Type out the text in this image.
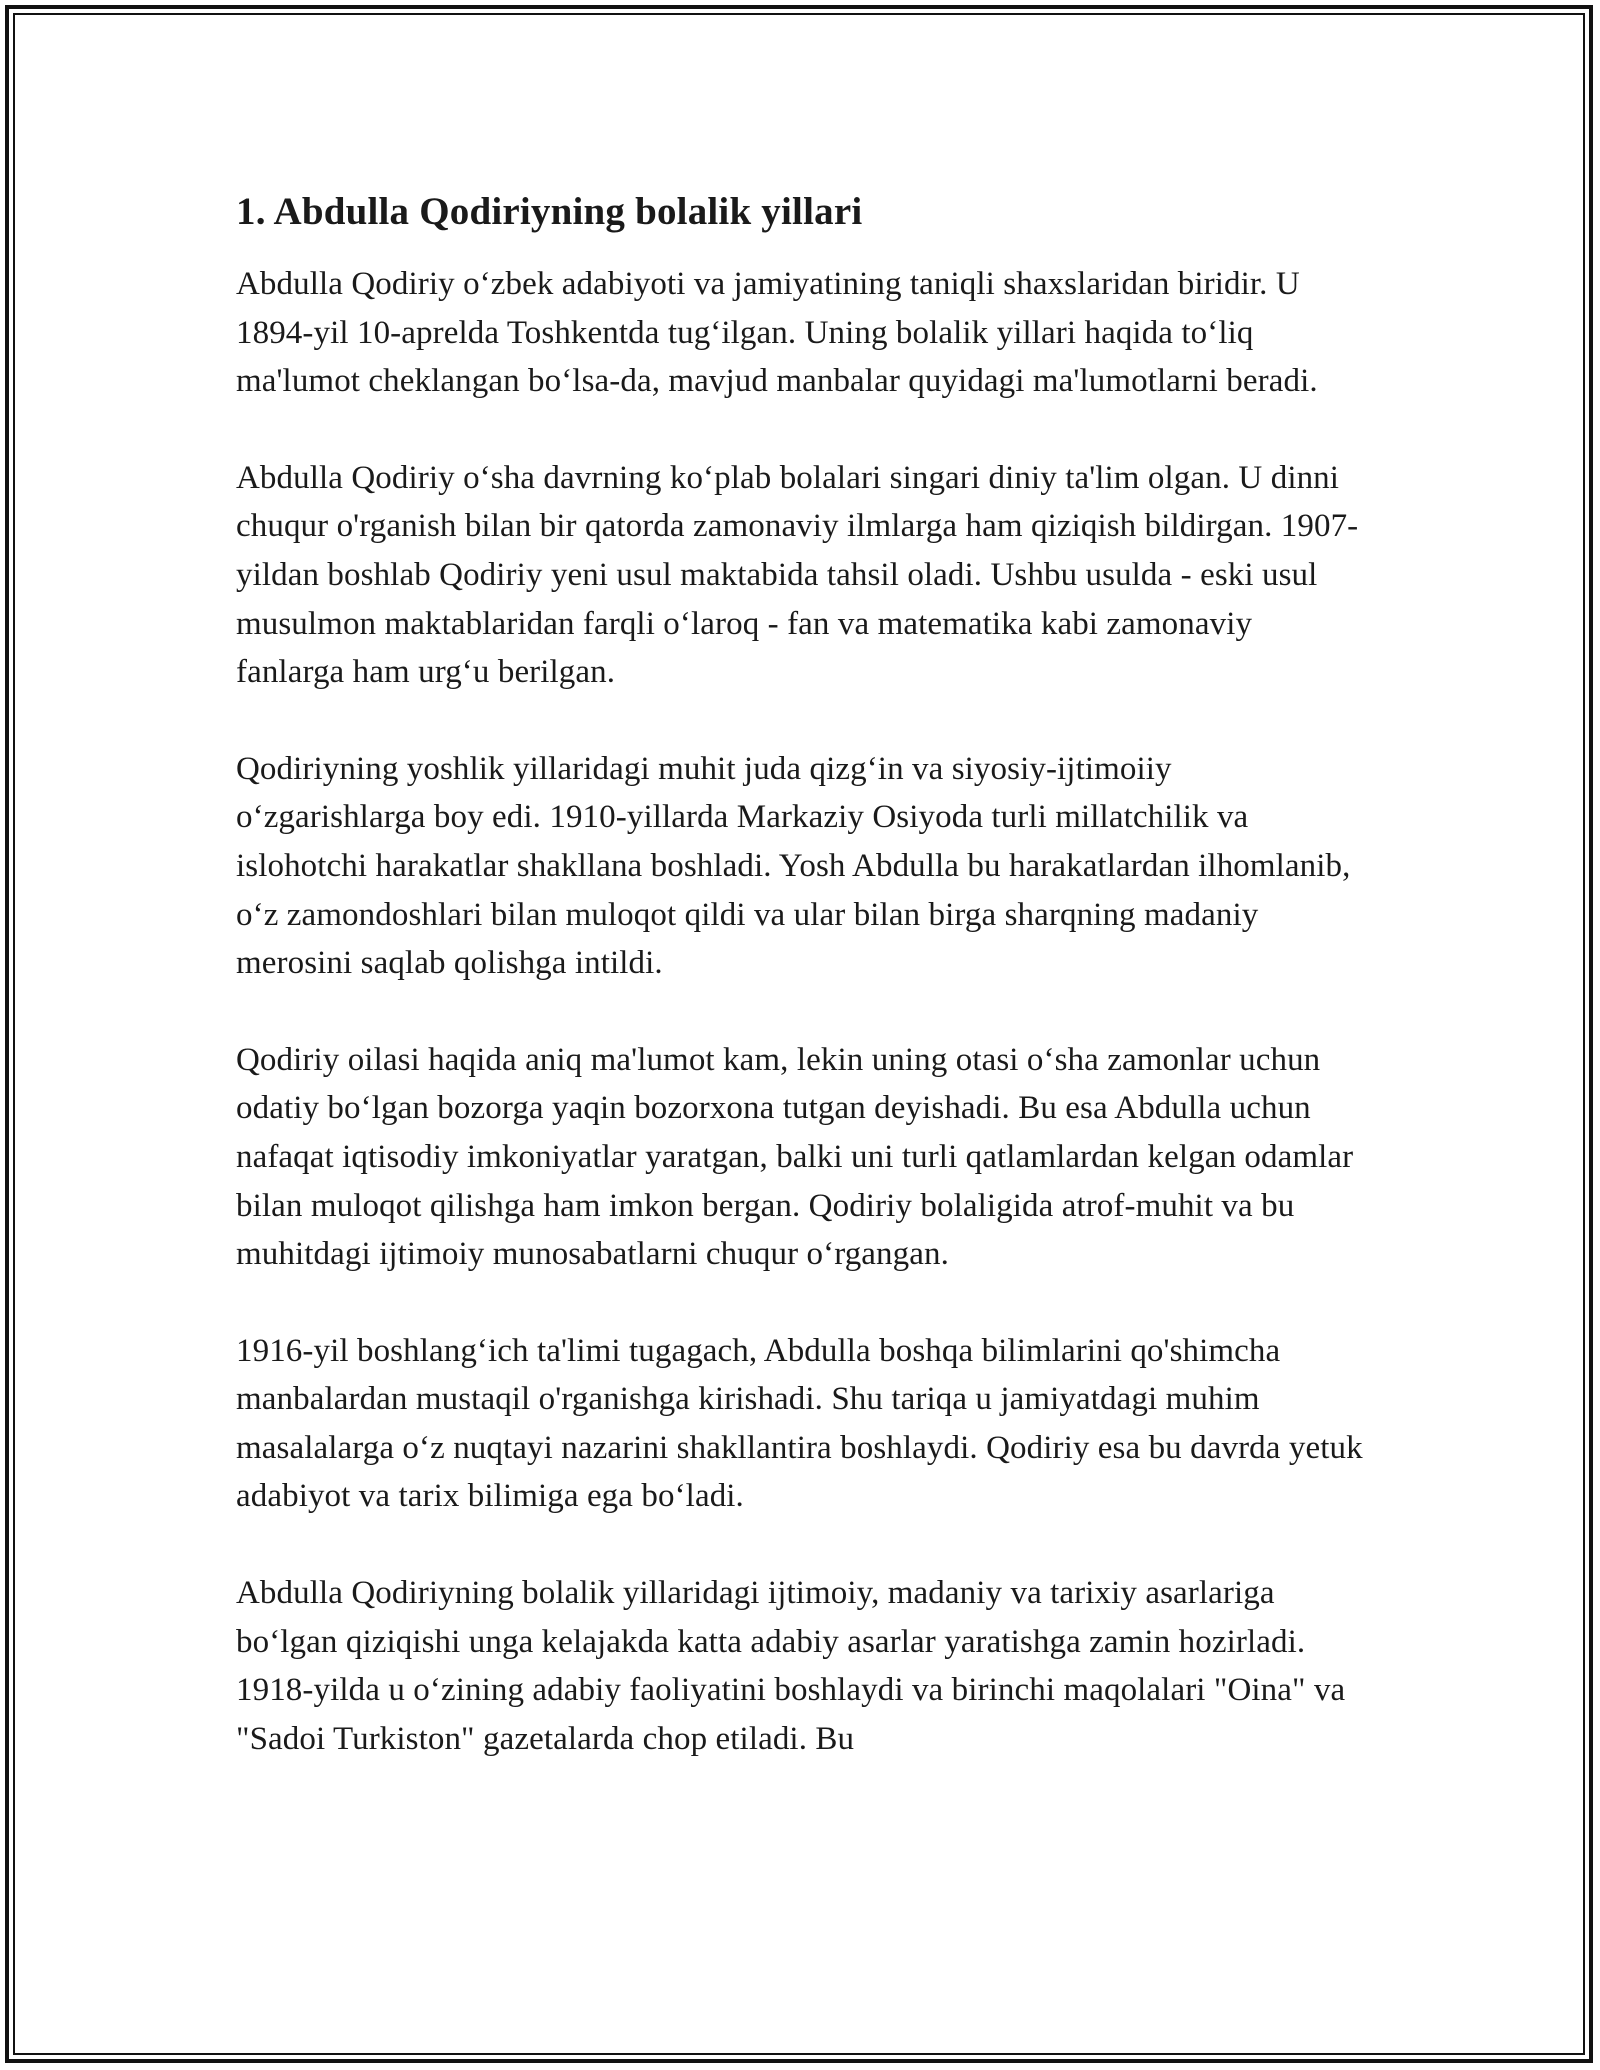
1. Abdulla Qodiriyning bolalik yillari

Abdulla Qodiriy o‘zbek adabiyoti va jamiyatining taniqli shaxslaridan biridir. U 1894-yil 10-aprelda Toshkentda tug‘ilgan. Uning bolalik yillari haqida to‘liq ma'lumot cheklangan bo‘lsa-da, mavjud manbalar quyidagi ma'lumotlarni beradi.

Abdulla Qodiriy o‘sha davrning ko‘plab bolalari singari diniy ta'lim olgan. U dinni chuqur o'rganish bilan bir qatorda zamonaviy ilmlarga ham qiziqish bildirgan. 1907-yildan boshlab Qodiriy yeni usul maktabida tahsil oladi. Ushbu usulda - eski usul musulmon maktablaridan farqli o‘laroq - fan va matematika kabi zamonaviy fanlarga ham urg‘u berilgan.

Qodiriyning yoshlik yillaridagi muhit juda qizg‘in va siyosiy-ijtimoiiy o‘zgarishlarga boy edi. 1910-yillarda Markaziy Osiyoda turli millatchilik va islohotchi harakatlar shakllana boshladi. Yosh Abdulla bu harakatlardan ilhomlanib, o‘z zamondoshlari bilan muloqot qildi va ular bilan birga sharqning madaniy merosini saqlab qolishga intildi.

Qodiriy oilasi haqida aniq ma'lumot kam, lekin uning otasi o‘sha zamonlar uchun odatiy bo‘lgan bozorga yaqin bozorxona tutgan deyishadi. Bu esa Abdulla uchun nafaqat iqtisodiy imkoniyatlar yaratgan, balki uni turli qatlamlardan kelgan odamlar bilan muloqot qilishga ham imkon bergan. Qodiriy bolaligida atrof-muhit va bu muhitdagi ijtimoiy munosabatlarni chuqur o‘rgangan.

1916-yil boshlang‘ich ta'limi tugagach, Abdulla boshqa bilimlarini qo'shimcha manbalardan mustaqil o'rganishga kirishadi. Shu tariqa u jamiyatdagi muhim masalalarga o‘z nuqtayi nazarini shakllantira boshlaydi. Qodiriy esa bu davrda yetuk adabiyot va tarix bilimiga ega bo‘ladi.

Abdulla Qodiriyning bolalik yillaridagi ijtimoiy, madaniy va tarixiy asarlariga bo‘lgan qiziqishi unga kelajakda katta adabiy asarlar yaratishga zamin hozirladi. 1918-yilda u o‘zining adabiy faoliyatini boshlaydi va birinchi maqolalari "Oina" va "Sadoi Turkiston" gazetalarda chop etiladi. Bu
